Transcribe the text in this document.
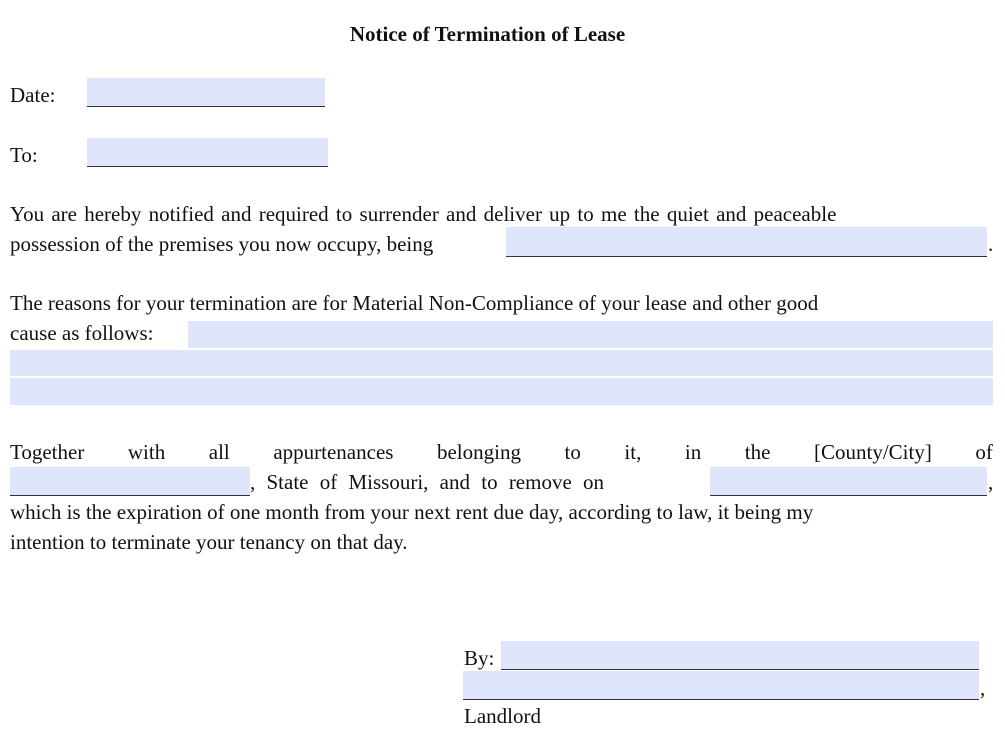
Notice of Termination of Lease
Date:
To:
You are hereby notified and required to surrender and deliver up to me the quiet and peaceable
possession of the premises you now occupy, being	.
The reasons for your termination are for Material Non-Compliance of your lease and other good
cause as follows:
Together with all appurtenances belonging to it, in the [County/City] of
, State of Missouri, and to remove on	,
which is the expiration of one month from your next rent due day, according to law, it being my
intention to terminate your tenancy on that day.
By:
,
Landlord
